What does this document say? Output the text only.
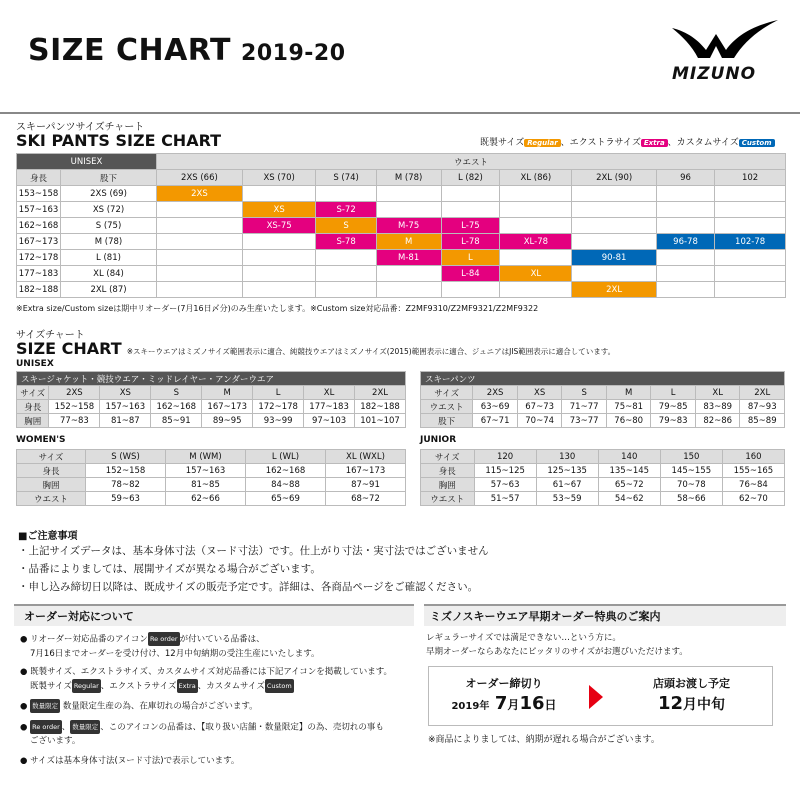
SIZE CHART 2019-20
MIZUNO
スキーパンツサイズチャート
SKI PANTS SIZE CHART	既製サイズ Regular 、エクストラサイズ Extra 、カスタムサイズ Custom
UNISEX		ウエスト								
身長	股下	2XS (66)	XS (70)	S (74)	M (78)	L (82)	XL (86)	2XL (90)	96	102
153~158	2XS (69)	2XS								
157~163	XS (72)		XS	S-72						
162~168	S (75)		XS-75	S	M-75	L-75				
167~173	M (78)			S-78	M	L-78	XL-78		96-78	102-78
172~178	L (81)				M-81	L		90-81		
177~183	XL (84)					L-84	XL			
182~188	2XL (87)							2XL		
※Extra size/Custom sizeは期中リオーダー(7月16日〆分)のみ生産いたします。※Custom size対応品番：Z2MF9310/Z2MF9321/Z2MF9322
サイズチャート
SIZE CHART ※スキーウエアはミズノサイズ範囲表示に適合、純競技ウエアはミズノサイズ(2015)範囲表示に適合、ジュニアはJIS範囲表示に適合しています。
UNISEX
スキージャケット・競技ウエア・ミッドレイヤー・アンダーウエア							
サイズ	2XS	XS	S	M	L	XL	2XL
身長	152~158	157~163	162~168	167~173	172~178	177~183	182~188
胸囲	77~83	81~87	85~91	89~95	93~99	97~103	101~107
スキーパンツ							
サイズ	2XS	XS	S	M	L	XL	2XL
ウエスト	63~69	67~73	71~77	75~81	79~85	83~89	87~93
股下	67~71	70~74	73~77	76~80	79~83	82~86	85~89
WOMEN'S
サイズ	S (WS)	M (WM)	L (WL)	XL (WXL)
身長	152~158	157~163	162~168	167~173
胸囲	78~82	81~85	84~88	87~91
ウエスト	59~63	62~66	65~69	68~72
JUNIOR
サイズ	120	130	140	150	160
身長	115~125	125~135	135~145	145~155	155~165
胸囲	57~63	61~67	65~72	70~78	76~84
ウエスト	51~57	53~59	54~62	58~66	62~70
■ご注意事項
・上記サイズデータは、基本身体寸法（ヌード寸法）です。仕上がり寸法・実寸法ではございません
・品番によりましては、展開サイズが異なる場合がございます。
・申し込み締切日以降は、既成サイズの販売予定です。詳細は、各商品ページをご確認ください。
オーダー対応について
● リオーダー対応品番のアイコン Re order が付いている品番は、
7月16日までオーダーを受け付け、12月中旬納期の受注生産にいたします。
● 既製サイズ、エクストラサイズ、カスタムサイズ対応品番には下記アイコンを掲載しています。
既製サイズ Regular 、エクストラサイズ Extra 、カスタムサイズ Custom
● 数量限定 数量限定生産の為、在庫切れの場合がございます。
● Re order 、 数量限定 、このアイコンの品番は、【取り扱い店舗・数量限定】の為、売切れの事も
ございます。
● サイズは基本身体寸法(ヌード寸法)で表示しています。
ミズノスキーウエア早期オーダー特典のご案内
レギュラーサイズでは満足できない…という方に。
早期オーダーならあなたにピッタリのサイズがお選びいただけます。
オーダー締切り
2019年 7月16日
店頭お渡し予定
12月中旬
※商品によりましては、納期が遅れる場合がございます。
